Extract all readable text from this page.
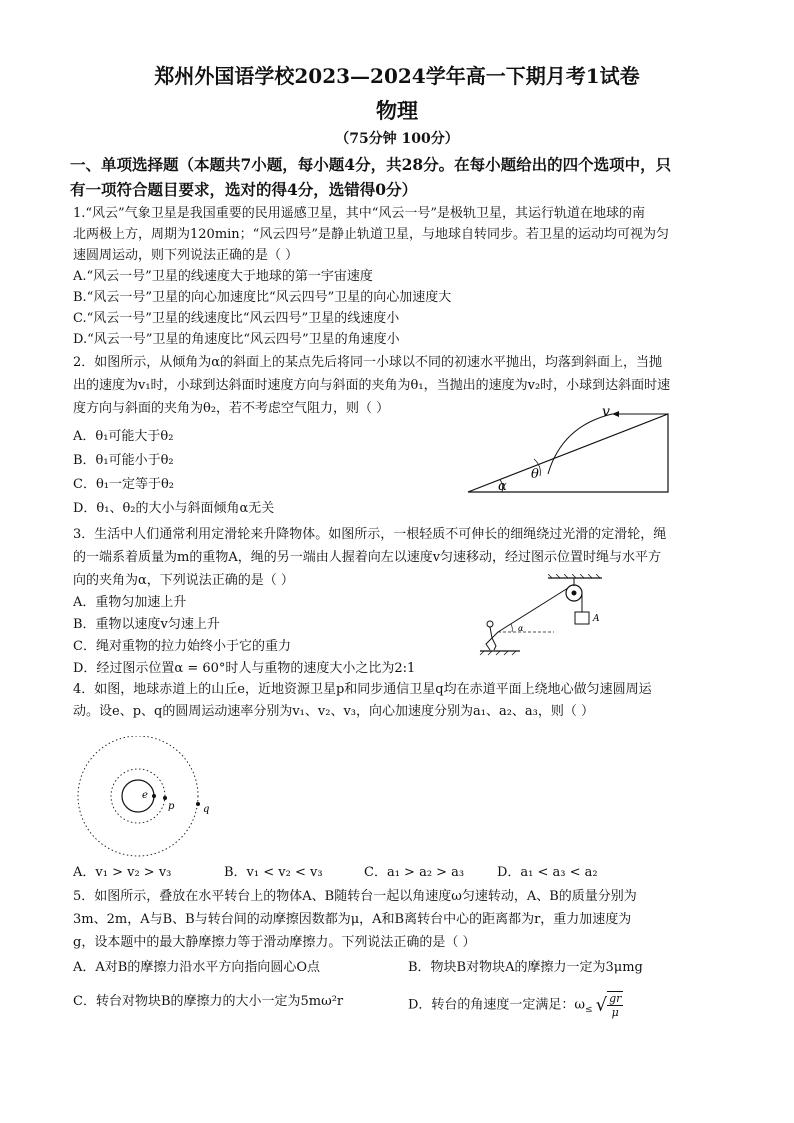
郑州外国语学校2023—2024学年高一下期月考1试卷
物理
（75分钟 100分）
一、单项选择题（本题共7小题，每小题4分，共28分。在每小题给出的四个选项中，只
有一项符合题目要求，选对的得4分，选错得0分）
1.“风云”气象卫星是我国重要的民用遥感卫星，其中“风云一号”是极轨卫星，其运行轨道在地球的南
北两极上方，周期为120min；“风云四号”是静止轨道卫星，与地球自转同步。若卫星的运动均可视为匀
速圆周运动，则下列说法正确的是（ ）
A.“风云一号”卫星的线速度大于地球的第一宇宙速度
B.“风云一号”卫星的向心加速度比“风云四号”卫星的向心加速度大
C.“风云一号”卫星的线速度比“风云四号”卫星的线速度小
D.“风云一号”卫星的角速度比“风云四号”卫星的角速度小
2．如图所示，从倾角为α的斜面上的某点先后将同一小球以不同的初速水平抛出，均落到斜面上，当抛
出的速度为v₁时，小球到达斜面时速度方向与斜面的夹角为θ₁，当抛出的速度为v₂时，小球到达斜面时速
度方向与斜面的夹角为θ₂，若不考虑空气阻力，则（ ）
A．θ₁可能大于θ₂
B．θ₁可能小于θ₂
C．θ₁一定等于θ₂
D．θ₁、θ₂的大小与斜面倾角α无关
v
θ
α
3．生活中人们通常利用定滑轮来升降物体。如图所示，一根轻质不可伸长的细绳绕过光滑的定滑轮，绳
的一端系着质量为m的重物A，绳的另一端由人握着向左以速度v匀速移动，经过图示位置时绳与水平方
向的夹角为α，下列说法正确的是（ ）
A．重物匀加速上升
B．重物以速度v匀速上升
C．绳对重物的拉力始终小于它的重力
D．经过图示位置α = 60°时人与重物的速度大小之比为2:1
A
α
4．如图，地球赤道上的山丘e，近地资源卫星p和同步通信卫星q均在赤道平面上绕地心做匀速圆周运
动。设e、p、q的圆周运动速率分别为v₁、v₂、v₃，向心加速度分别为a₁、a₂、a₃，则（ ）
e
p	q
A．v₁ > v₂ > v₃	B．v₁ < v₂ < v₃	C．a₁ > a₂ > a₃	D．a₁ < a₃ < a₂
5．如图所示，叠放在水平转台上的物体A、B随转台一起以角速度ω匀速转动，A、B的质量分别为
3m、2m，A与B、B与转台间的动摩擦因数都为μ，A和B离转台中心的距离都为r，重力加速度为
g，设本题中的最大静摩擦力等于滑动摩擦力。下列说法正确的是（ ）
A．A对B的摩擦力沿水平方向指向圆心O点	B．物块B对物块A的摩擦力一定为3μmg
C．转台对物块B的摩擦力的大小一定为5mω²r	D．转台的角速度一定满足：$\omega_\le$ √ $\frac{gr}{\mu}$
